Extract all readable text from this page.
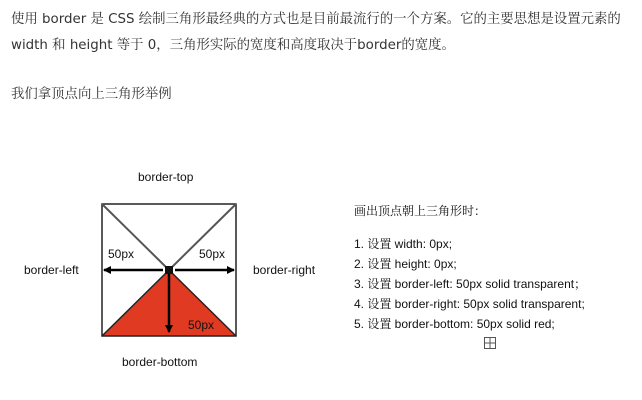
使用 border 是 CSS 绘制三角形最经典的方式也是目前最流行的一个方案。它的主要思想是设置元素的 width 和 height 等于 0，三角形实际的宽度和高度取决于border的宽度。

我们拿顶点向上三角形举例

border-top
border-left	border-right
border-bottom
50px	50px
50px
画出顶点朝上三角形时：
1. 设置 width: 0px;
2. 设置 height: 0px;
3. 设置 border-left: 50px solid transparent；
4. 设置 border-right: 50px solid transparent;
5. 设置 border-bottom: 50px solid red;
